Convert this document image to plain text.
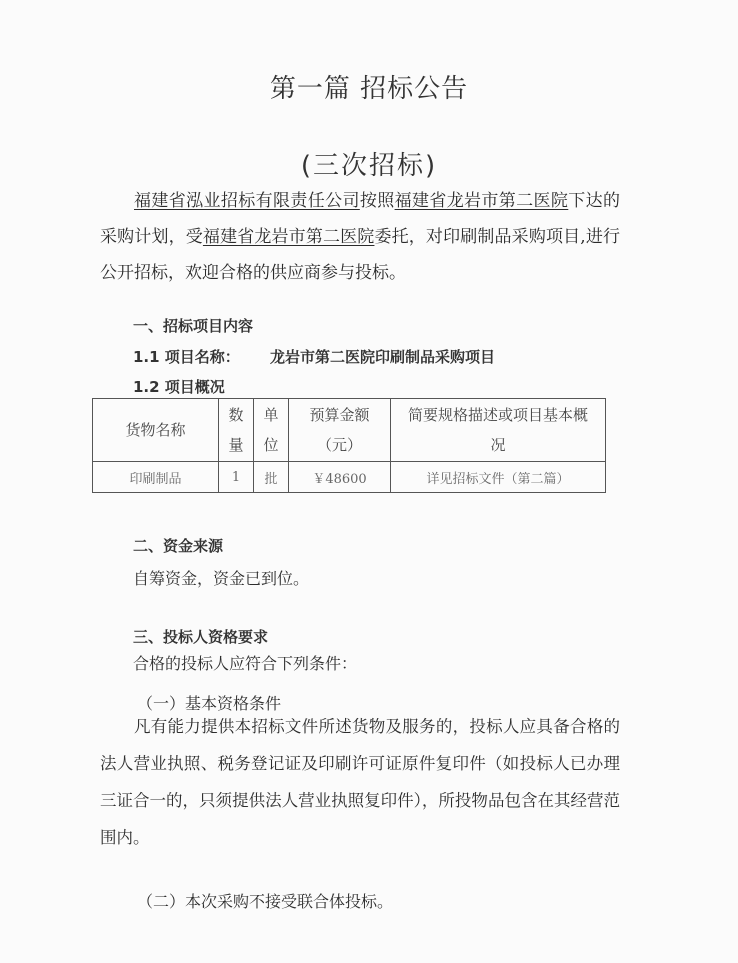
第一篇 招标公告
(三次招标)
福建省泓业招标有限责任公司按照福建省龙岩市第二医院下达的采购计划，受福建省龙岩市第二医院委托，对印刷制品采购项目,进行公开招标，欢迎合格的供应商参与投标。
一、招标项目内容
1.1 项目名称： 龙岩市第二医院印刷制品采购项目
1.2 项目概况
货物名称	数量	单位	预算金额（元）	简要规格描述或项目基本概况
印刷制品	1	批	￥48600	详见招标文件（第二篇）
二、资金来源
自筹资金，资金已到位。
三、投标人资格要求
合格的投标人应符合下列条件：
（一）基本资格条件
凡有能力提供本招标文件所述货物及服务的，投标人应具备合格的法人营业执照、税务登记证及印刷许可证原件复印件（如投标人已办理三证合一的，只须提供法人营业执照复印件），所投物品包含在其经营范围内。
（二）本次采购不接受联合体投标。
